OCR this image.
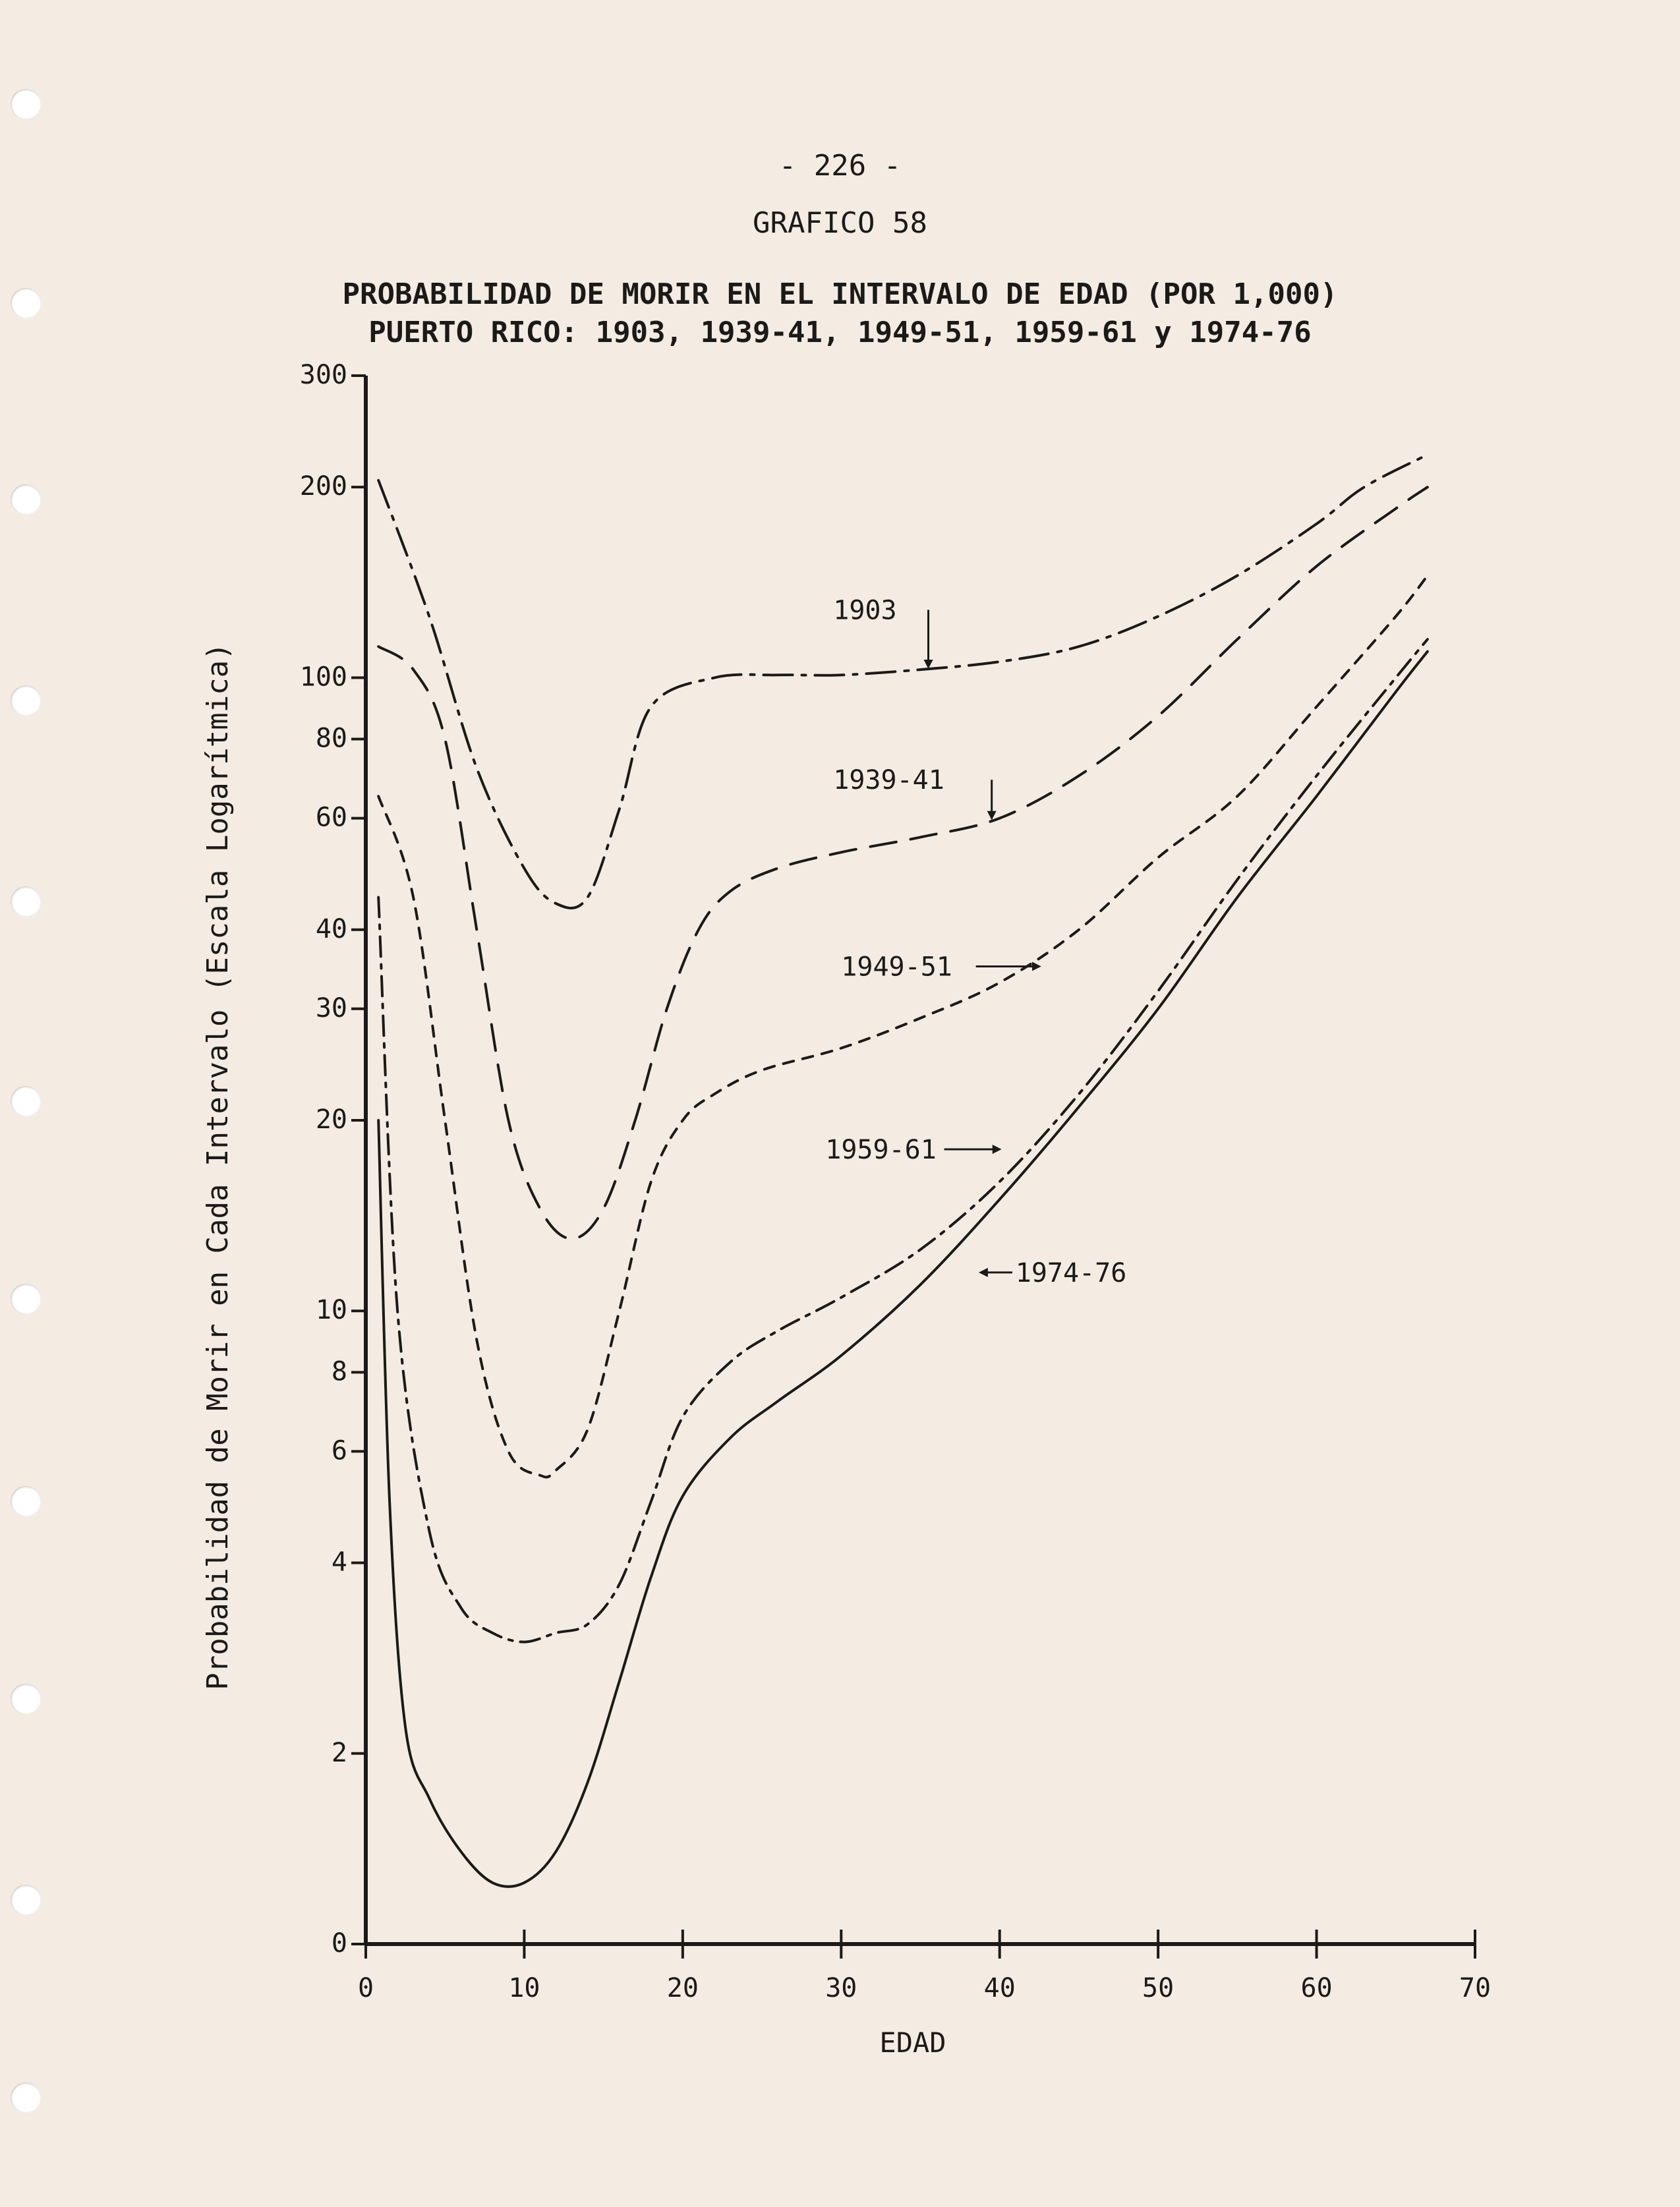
- 226 -
GRAFICO 58
PROBABILIDAD DE MORIR EN EL INTERVALO DE EDAD (POR 1,000)
PUERTO RICO: 1903, 1939-41, 1949-51, 1959-61 y 1974-76
300
200
100
80
60
40
30
20
10
8
6
4
2
0
0	10	20	30	40	50	60	70
1903
1939-41
1949-51
1959-61
1974-76
Probabilidad de Morir en Cada Intervalo (Escala Logarítmica)
EDAD
